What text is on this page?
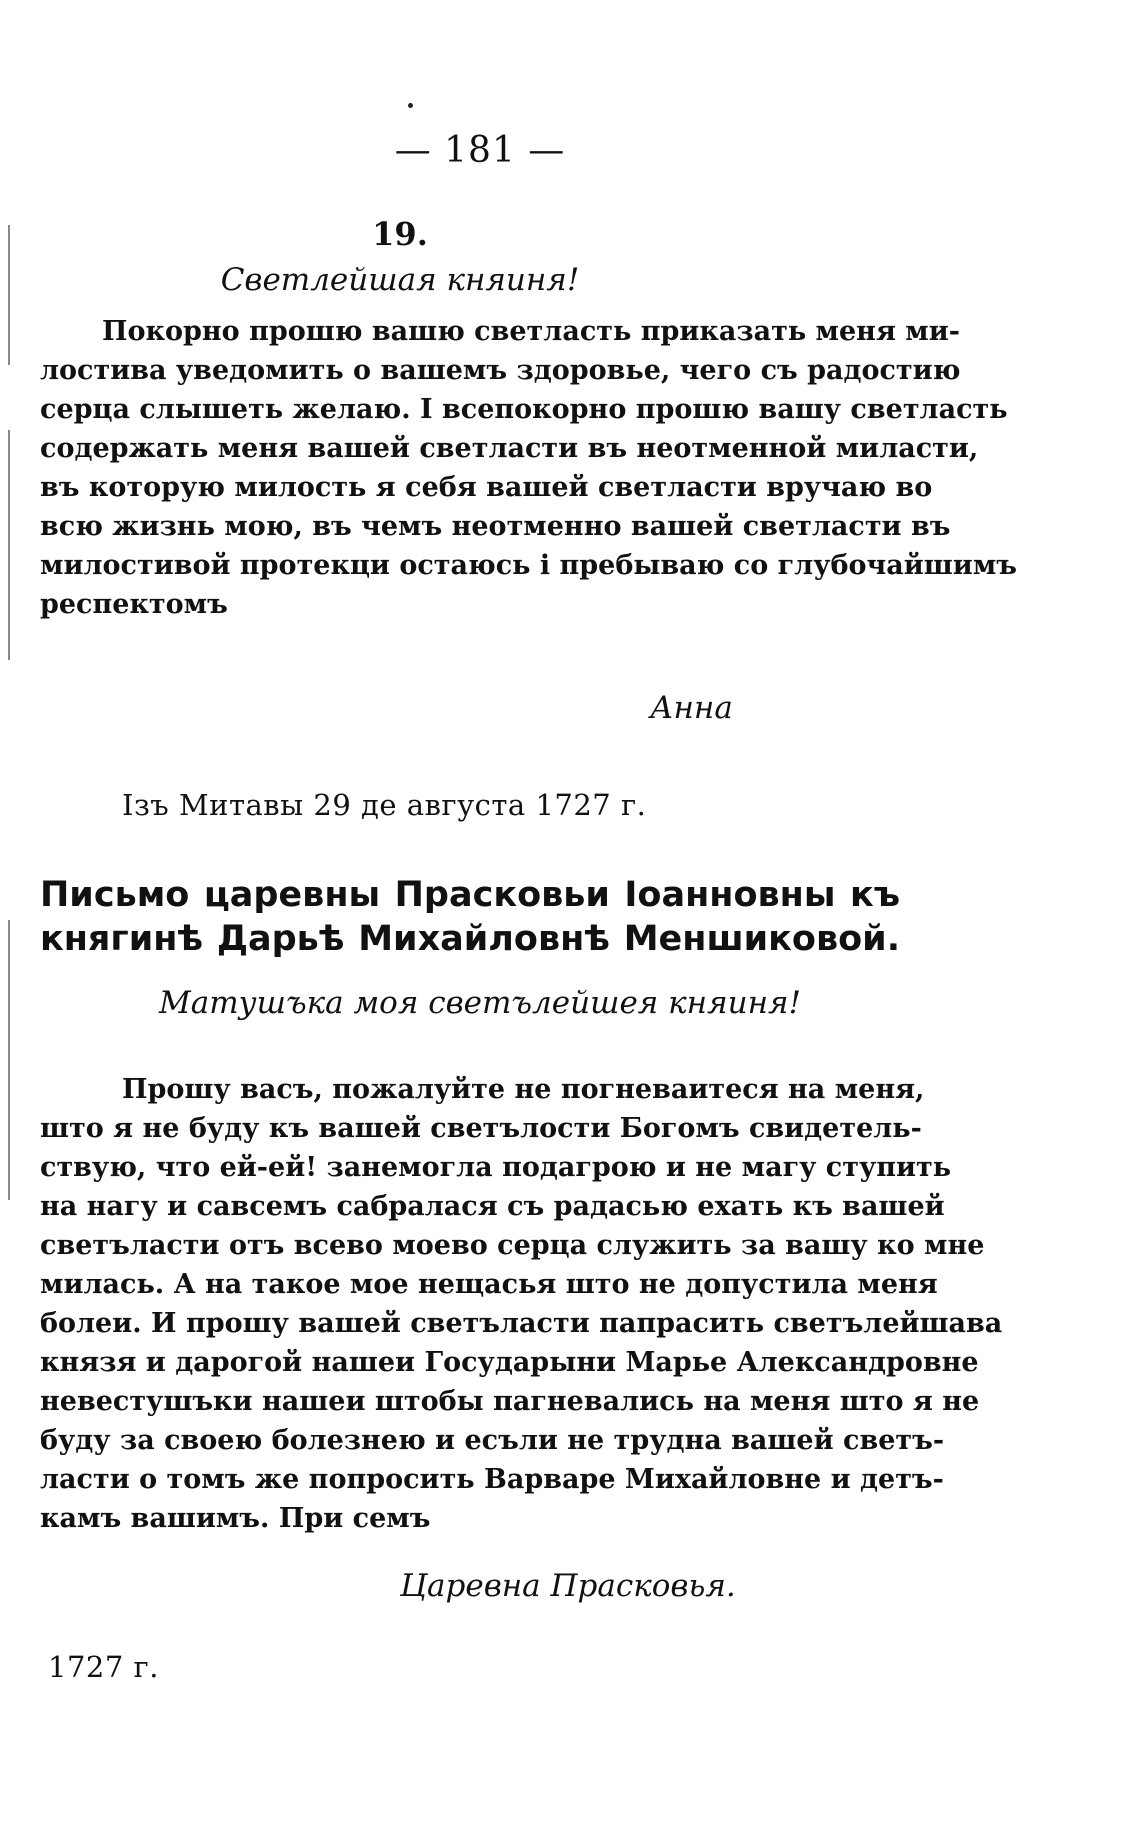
— 181 —
19.
Светлейшая княиня!
Покорно прошю вашю светласть приказать меня ми-
лостива уведомить о вашемъ здоровье, чего съ радостию
серца слышеть желаю. I всепокорно прошю вашу светласть
содержать меня вашей светласти въ неотменной миласти,
въ которую милость я себя вашей светласти вручаю во
всю жизнь мою, въ чемъ неотменно вашей светласти въ
милостивой протекци остаюсь i пребываю со глубочайшимъ
респектомъ
Анна
Iзъ Митавы 29 де августа 1727 г.
Письмо царевны Прасковьи Iоанновны къ
княгинѣ Дарьѣ Михайловнѣ Меншиковой.
Матушъка моя светълейшея княиня!
Прошу васъ, пожалуйте не погневаитеся на меня,
што я не буду къ вашей светълости Богомъ свидетель-
ствую, что ей-ей! занемогла подагрою и не магу ступить
на нагу и савсемъ сабралася съ радасью ехать къ вашей
светъласти отъ всево моево серца служить за вашу ко мне
милась. А на такое мое нещасья што не допустила меня
болеи. И прошу вашей светъласти папрасить светълейшава
князя и дарогой нашеи Государыни Марье Александровне
невестушъки нашеи штобы пагневались на меня што я не
буду за своею болезнею и есъли не трудна вашей светъ-
ласти о томъ же попросить Варваре Михайловне и детъ-
камъ вашимъ. При семъ
Царевна Прасковья.
1727 г.
